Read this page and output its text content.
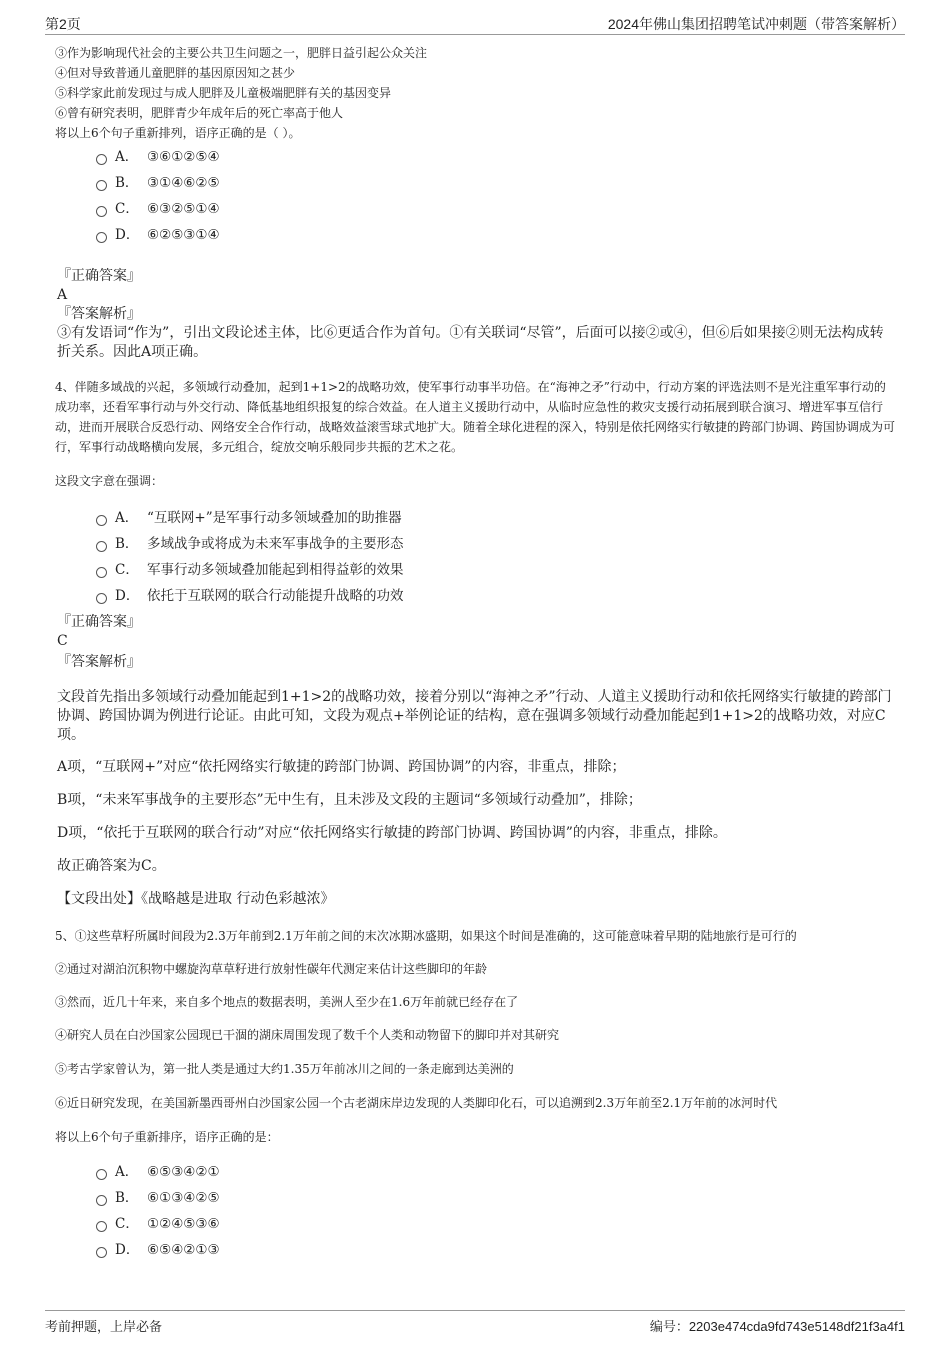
第2页	2024年佛山集团招聘笔试冲刺题（带答案解析）
③作为影响现代社会的主要公共卫生问题之一，肥胖日益引起公众关注
④但对导致普通儿童肥胖的基因原因知之甚少
⑤科学家此前发现过与成人肥胖及儿童极端肥胖有关的基因变异
⑥曾有研究表明，肥胖青少年成年后的死亡率高于他人
将以上6个句子重新排列，语序正确的是（ ）。
A． ③⑥①②⑤④
B． ③①④⑥②⑤
C． ⑥③②⑤①④
D． ⑥②⑤③①④
『正确答案』
A
『答案解析』
③有发语词“作为”，引出文段论述主体，比⑥更适合作为首句。①有关联词“尽管”，后面可以接②或④，但⑥后如果接②则无法构成转折关系。因此A项正确。
4、伴随多域战的兴起，多领域行动叠加，起到1+1>2的战略功效，使军事行动事半功倍。在“海神之矛”行动中，行动方案的评选法则不是光注重军事行动的成功率，还看军事行动与外交行动、降低基地组织报复的综合效益。在人道主义援助行动中，从临时应急性的救灾支援行动拓展到联合演习、增进军事互信行动，进而开展联合反恐行动、网络安全合作行动，战略效益滚雪球式地扩大。随着全球化进程的深入，特别是依托网络实行敏捷的跨部门协调、跨国协调成为可行，军事行动战略横向发展，多元组合，绽放交响乐般同步共振的艺术之花。
这段文字意在强调：
A． “互联网+”是军事行动多领域叠加的助推器
B． 多域战争或将成为未来军事战争的主要形态
C． 军事行动多领域叠加能起到相得益彰的效果
D． 依托于互联网的联合行动能提升战略的功效
『正确答案』
C
『答案解析』
文段首先指出多领域行动叠加能起到1+1>2的战略功效，接着分别以“海神之矛”行动、人道主义援助行动和依托网络实行敏捷的跨部门协调、跨国协调为例进行论证。由此可知，文段为观点+举例论证的结构，意在强调多领域行动叠加能起到1+1>2的战略功效，对应C项。
A项，“互联网+”对应“依托网络实行敏捷的跨部门协调、跨国协调”的内容，非重点，排除；
B项，“未来军事战争的主要形态”无中生有，且未涉及文段的主题词“多领域行动叠加”，排除；
D项，“依托于互联网的联合行动”对应“依托网络实行敏捷的跨部门协调、跨国协调”的内容，非重点，排除。
故正确答案为C。
【文段出处】《战略越是进取 行动色彩越浓》
5、①这些草籽所属时间段为2.3万年前到2.1万年前之间的末次冰期冰盛期，如果这个时间是准确的，这可能意味着早期的陆地旅行是可行的
②通过对湖泊沉积物中螺旋沟草草籽进行放射性碳年代测定来估计这些脚印的年龄
③然而，近几十年来，来自多个地点的数据表明，美洲人至少在1.6万年前就已经存在了
④研究人员在白沙国家公园现已干涸的湖床周围发现了数千个人类和动物留下的脚印并对其研究
⑤考古学家曾认为，第一批人类是通过大约1.35万年前冰川之间的一条走廊到达美洲的
⑥近日研究发现，在美国新墨西哥州白沙国家公园一个古老湖床岸边发现的人类脚印化石，可以追溯到2.3万年前至2.1万年前的冰河时代
将以上6个句子重新排序，语序正确的是：
A． ⑥⑤③④②①
B． ⑥①③④②⑤
C． ①②④⑤③⑥
D． ⑥⑤④②①③
考前押题，上岸必备	编号：2203e474cda9fd743e5148df21f3a4f1
